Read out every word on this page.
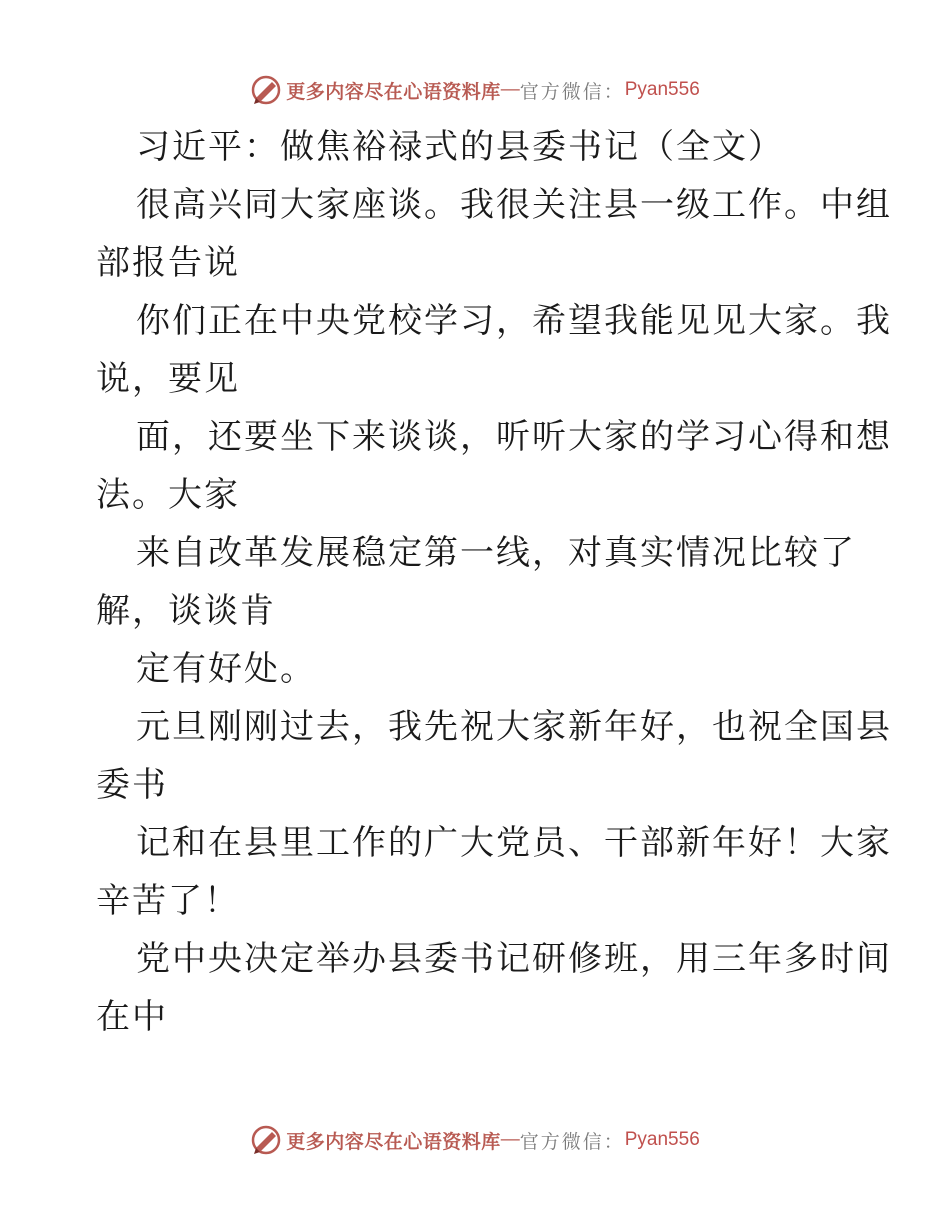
更多内容尽在心语资料库 — 官方微信： Pyan556
习近平：做焦裕禄式的县委书记（全文）
很高兴同大家座谈。我很关注县一级工作。中组
部报告说
你们正在中央党校学习，希望我能见见大家。我
说，要见
面，还要坐下来谈谈，听听大家的学习心得和想
法。大家
来自改革发展稳定第一线，对真实情况比较了
解，谈谈肯
定有好处。
元旦刚刚过去，我先祝大家新年好，也祝全国县
委书
记和在县里工作的广大党员、干部新年好！大家
辛苦了！
党中央决定举办县委书记研修班，用三年多时间
在中
更多内容尽在心语资料库 — 官方微信： Pyan556
